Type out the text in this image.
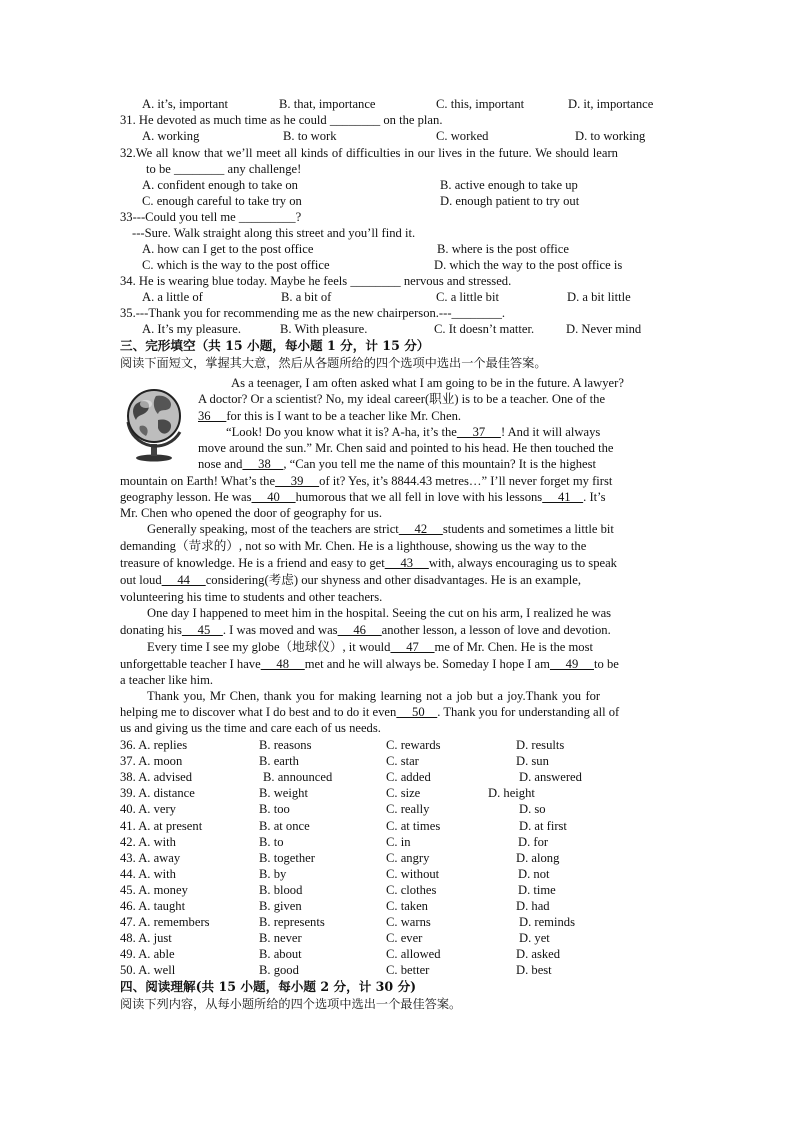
A. it’s, important	B. that, importance	C. this, important	D. it, importance
31. He devoted as much time as he could ________ on the plan.
A. working	B. to work	C. worked	D. to working
32.We all know that we’ll meet all kinds of difficulties in our lives in the future. We should learn
to be ________ any challenge!
A. confident enough to take on	B. active enough to take up
C. enough careful to take try on	D. enough patient to try out
33---Could you tell me _________?
---Sure. Walk straight along this street and you’ll find it.
A. how can I get to the post office	B. where is the post office
C. which is the way to the post office	D. which the way to the post office is
34. He is wearing blue today. Maybe he feels ________ nervous and stressed.
A. a little of	B. a bit of	C. a little bit	D. a bit little
35.---Thank you for recommending me as the new chairperson.---________.
A. It’s my pleasure.	B. With pleasure.	C. It doesn’t matter.	D. Never mind
三、完形填空（共 15 小题，每小题 1 分，计 15 分）
阅读下面短文，掌握其大意，然后从各题所给的四个选项中选出一个最佳答案。
As a teenager, I am often asked what I am going to be in the future. A lawyer?
A doctor? Or a scientist? No, my ideal career(职业) is to be a teacher. One of the
36     for this is I want to be a teacher like Mr. Chen.
“Look! Do you know what it is? A-ha, it’s the     37     ! And it will always
move around the sun.” Mr. Chen said and pointed to his head. He then touched the
nose and     38    , “Can you tell me the name of this mountain? It is the highest
mountain on Earth! What’s the     39     of it? Yes, it’s 8844.43 metres…” I’ll never forget my first
geography lesson. He was     40     humorous that we all fell in love with his lessons     41    . It’s
Mr. Chen who opened the door of geography for us.
Generally speaking, most of the teachers are strict     42     students and sometimes a little bit
demanding（苛求的）, not so with Mr. Chen. He is a lighthouse, showing us the way to the
treasure of knowledge. He is a friend and easy to get     43     with, always encouraging us to speak
out loud     44     considering(考虑) our shyness and other disadvantages. He is an example,
volunteering his time to students and other teachers.
One day I happened to meet him in the hospital. Seeing the cut on his arm, I realized he was
donating his     45    . I was moved and was     46     another lesson, a lesson of love and devotion.
Every time I see my globe（地球仪）, it would     47     me of Mr. Chen. He is the most
unforgettable teacher I have     48     met and he will always be. Someday I hope I am     49     to be
a teacher like him.
Thank you, Mr Chen, thank you for making learning not a job but a joy.Thank you for
helping me to discover what I do best and to do it even     50    . Thank you for understanding all of
us and giving us the time and care each of us needs.
36. A. replies	B. reasons	C. rewards	D. results
37. A. moon	B. earth	C. star	D. sun
38. A. advised	B. announced	C. added	D. answered
39. A. distance	B. weight	C. size	D. height
40. A. very	B. too	C. really	D. so
41. A. at present	B. at once	C. at times	D. at first
42. A. with	B. to	C. in	D. for
43. A. away	B. together	C. angry	D. along
44. A. with	B. by	C. without	D. not
45. A. money	B. blood	C. clothes	D. time
46. A. taught	B. given	C. taken	D. had
47. A. remembers	B. represents	C. warns	D. reminds
48. A. just	B. never	C. ever	D. yet
49. A. able	B. about	C. allowed	D. asked
50. A. well	B. good	C. better	D. best
四、阅读理解(共 15 小题，每小题 2 分，计 30 分)
阅读下列内容，从每小题所给的四个选项中选出一个最佳答案。
